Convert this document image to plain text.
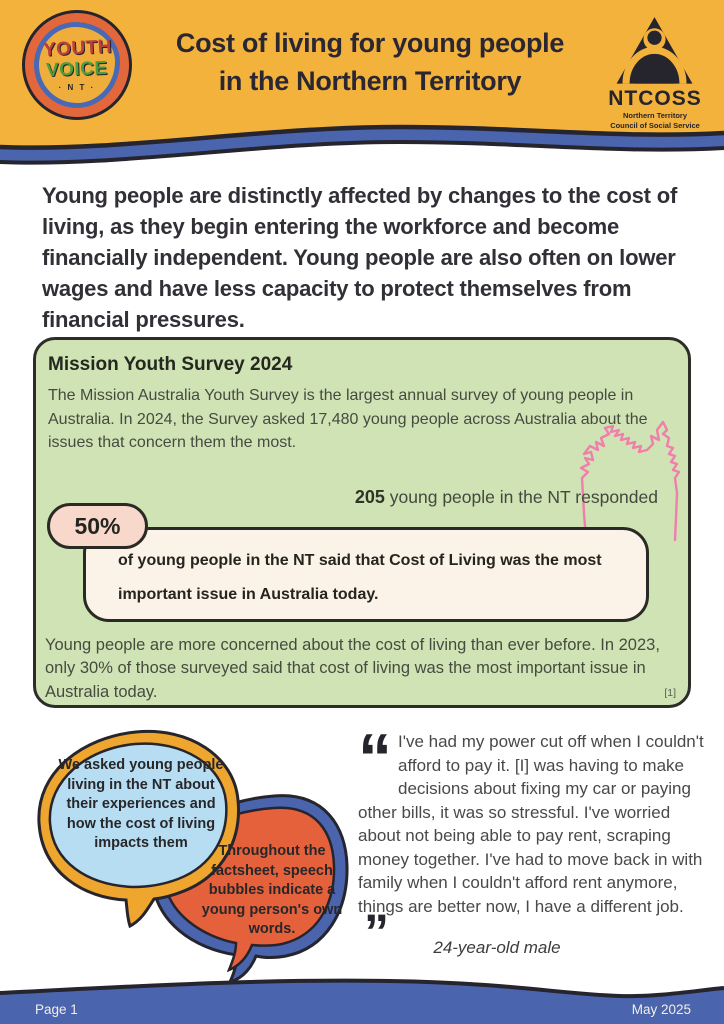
YOUTH
VOICE
· N T ·
Cost of living for young people
in the Northern Territory
NTCOSS
Northern Territory
Council of Social Service
Young people are distinctly affected by changes to the cost of living, as they begin entering the workforce and become financially independent. Young people are also often on lower wages and have less capacity to protect themselves from financial pressures.
Mission Youth Survey 2024
The Mission Australia Youth Survey is the largest annual survey of young people in Australia. In 2024, the Survey asked 17,480 young people across Australia about the issues that concern them the most.
205 young people in the NT responded
50%
of young people in the NT said that Cost of Living was the most important issue in Australia today.
Young people are more concerned about the cost of living than ever before. In 2023, only 30% of those surveyed said that cost of living was the most important issue in Australia today.	[1]
We asked young people living in the NT about their experiences and how the cost of living impacts them	Throughout the factsheet, speech bubbles indicate a young person's own words.
“ I've had my power cut off when I couldn't afford to pay it. [I] was having to make decisions about fixing my car or paying other bills, it was so stressful. I've worried about not being able to pay rent, scraping money together. I've had to move back in with family when I couldn't afford rent anymore, things are better now, I have a different job.”	24-year-old male
Page 1	May 2025
